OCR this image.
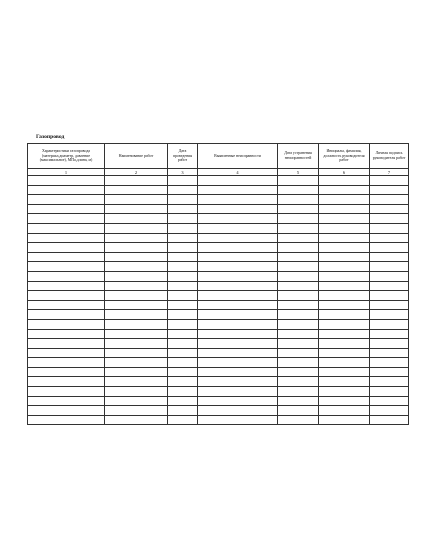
Газопровод
Характеристики газопровода (материал,диаметр, давление (максимальное), МПа,длина, м)	Наименование работ	Дата проведения работ	Выявленные неисправности	Дата устранения неисправностей	Инициалы, фамилия, должность руководителя работ	Личная подпись руководителя работ
1	2	3	4	5	6	7
